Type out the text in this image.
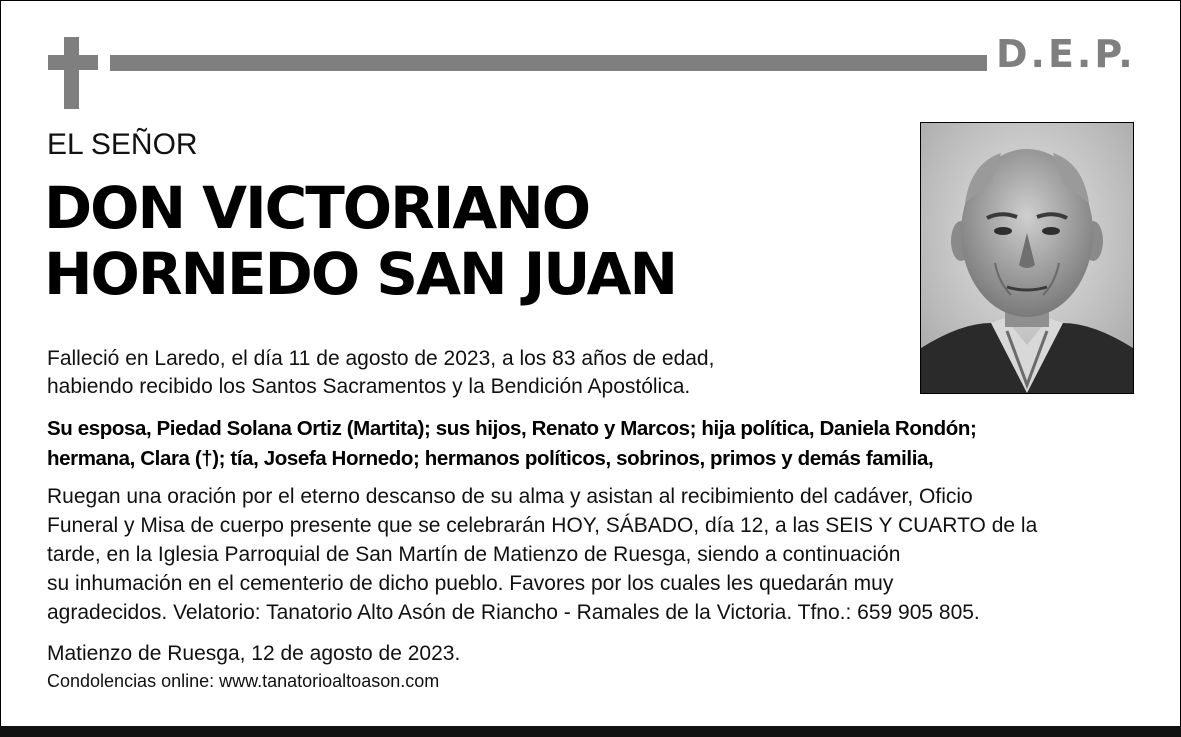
D.E.P.
EL SEÑOR
DON VICTORIANO
HORNEDO SAN JUAN
Falleció en Laredo, el día 11 de agosto de 2023, a los 83 años de edad,
habiendo recibido los Santos Sacramentos y la Bendición Apostólica.
Su esposa, Piedad Solana Ortiz (Martita); sus hijos, Renato y Marcos; hija política, Daniela Rondón;
hermana, Clara (†); tía, Josefa Hornedo; hermanos políticos, sobrinos, primos y demás familia,
Ruegan una oración por el eterno descanso de su alma y asistan al recibimiento del cadáver, Oficio
Funeral y Misa de cuerpo presente que se celebrarán HOY, SÁBADO, día 12, a las SEIS Y CUARTO de la
tarde, en la Iglesia Parroquial de San Martín de Matienzo de Ruesga, siendo a continuación
su inhumación en el cementerio de dicho pueblo. Favores por los cuales les quedarán muy
agradecidos. Velatorio: Tanatorio Alto Asón de Riancho - Ramales de la Victoria. Tfno.: 659 905 805.
Matienzo de Ruesga, 12 de agosto de 2023.
Condolencias online: www.tanatorioaltoason.com
